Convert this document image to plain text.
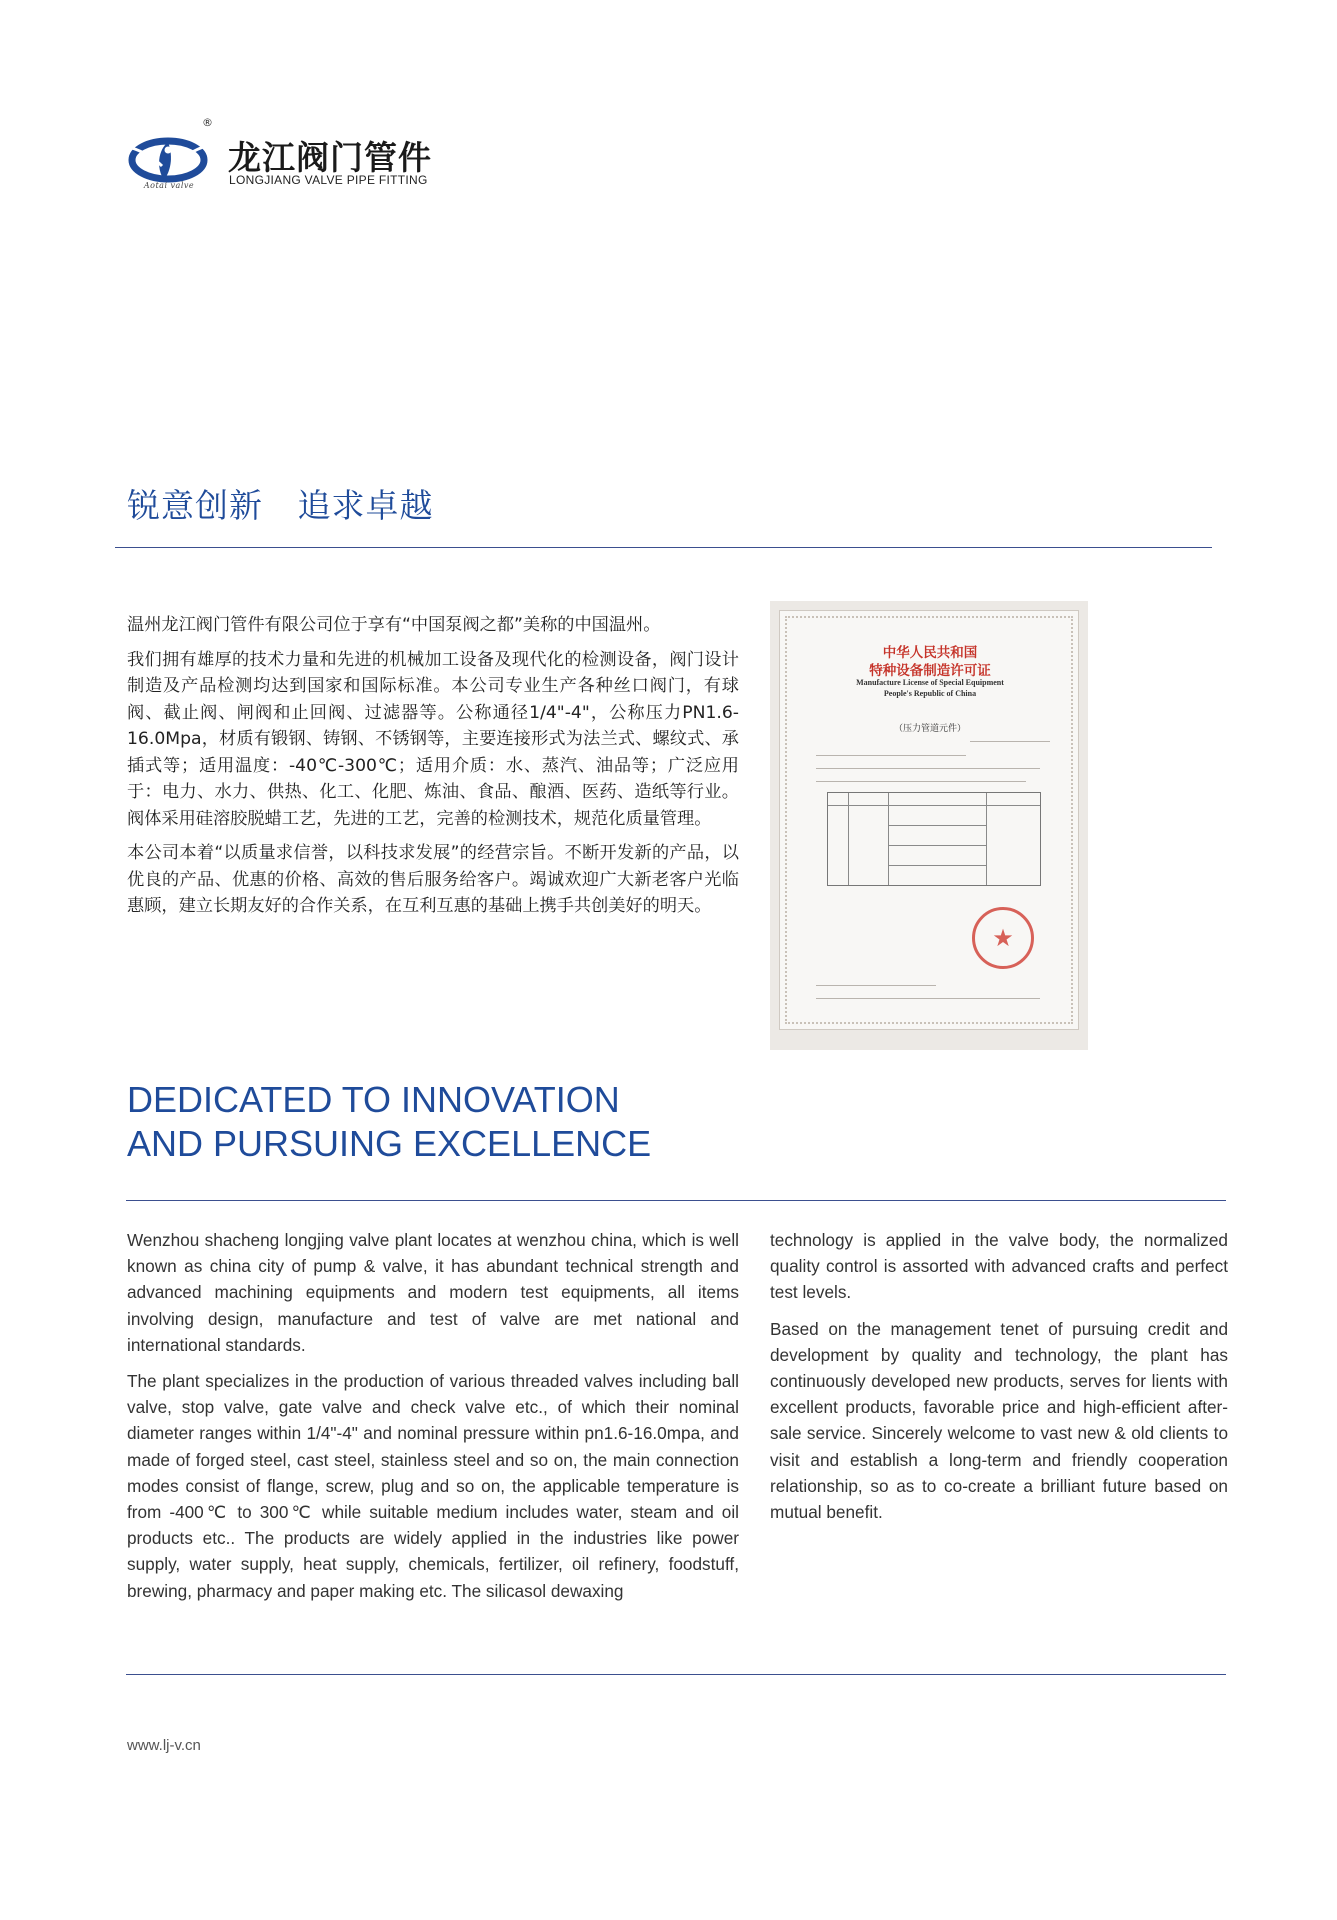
®
Aotai valve
龙江阀门管件
LONGJIANG VALVE PIPE FITTING
锐意创新   追求卓越

温州龙江阀门管件有限公司位于享有“中国泵阀之都”美称的中国温州。

我们拥有雄厚的技术力量和先进的机械加工设备及现代化的检测设备，阀门设计制造及产品检测均达到国家和国际标准。本公司专业生产各种丝口阀门，有球阀、截止阀、闸阀和止回阀、过滤器等。公称通径1/4"-4"，公称压力PN1.6-16.0Mpa，材质有锻钢、铸钢、不锈钢等，主要连接形式为法兰式、螺纹式、承插式等；适用温度：-40℃-300℃；适用介质：水、蒸汽、油品等；广泛应用于：电力、水力、供热、化工、化肥、炼油、食品、酿酒、医药、造纸等行业。阀体采用硅溶胶脱蜡工艺，先进的工艺，完善的检测技术，规范化质量管理。

本公司本着“以质量求信誉，以科技求发展”的经营宗旨。不断开发新的产品，以优良的产品、优惠的价格、高效的售后服务给客户。竭诚欢迎广大新老客户光临惠顾，建立长期友好的合作关系，在互利互惠的基础上携手共创美好的明天。

中华人民共和国
特种设备制造许可证
Manufacture License of Special Equipment
People's Republic of China
（压力管道元件）
★
DEDICATED TO INNOVATION
AND PURSUING EXCELLENCE

Wenzhou shacheng longjing valve plant locates at wenzhou china, which is well known as china city of pump & valve, it has abundant technical strength and advanced machining equipments and modern test equipments, all items involving design, manufacture and test of valve are met national and international standards.

The plant specializes in the production of various threaded valves including ball valve, stop valve, gate valve and check valve etc., of which their nominal diameter ranges within 1/4"-4" and nominal pressure within pn1.6-16.0mpa, and made of forged steel, cast steel, stainless steel and so on, the main connection modes consist of flange, screw, plug and so on, the applicable temperature is from -400℃ to 300℃ while suitable medium includes water, steam and oil products etc.. The products are widely applied in the industries like power supply, water supply, heat supply, chemicals, fertilizer, oil refinery, foodstuff, brewing, pharmacy and paper making etc. The silicasol dewaxing

technology is applied in the valve body, the normalized quality control is assorted with advanced crafts and perfect test levels.

Based on the management tenet of pursuing credit and development by quality and technology, the plant has continuously developed new products, serves for lients with excellent products, favorable price and high-efficient after-sale service. Sincerely welcome to vast new & old clients to visit and establish a long-term and friendly cooperation relationship, so as to co-create a brilliant future based on mutual benefit.

www.lj-v.cn
